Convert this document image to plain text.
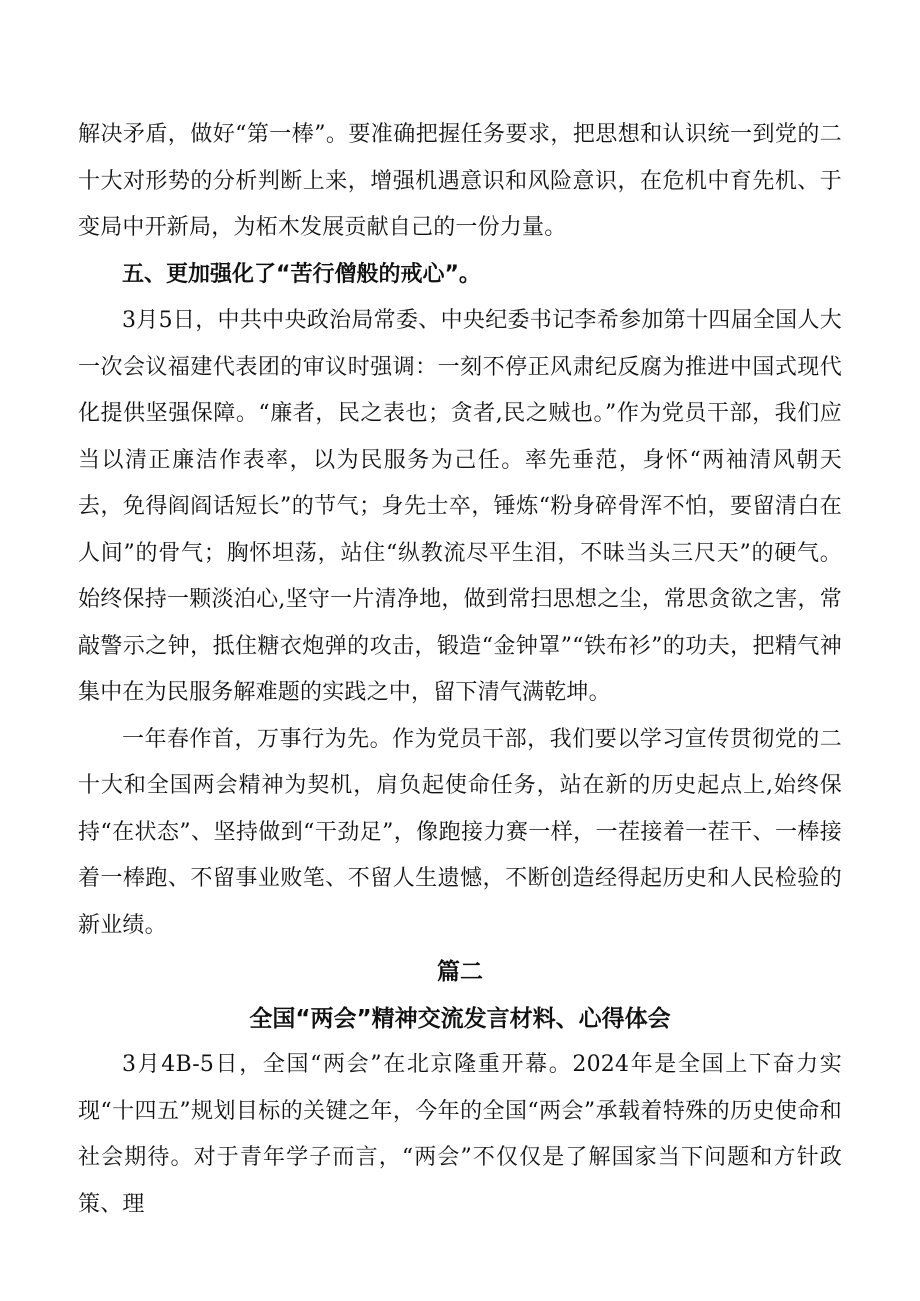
解决矛盾，做好“第一棒”。要准确把握任务要求，把思想和认识统一到党的二十大对形势的分析判断上来，增强机遇意识和风险意识，在危机中育先机、于变局中开新局，为柘木发展贡献自己的一份力量。

五、更加强化了“苦行僧般的戒心”。

3月5日，中共中央政治局常委、中央纪委书记李希参加第十四届全国人大一次会议福建代表团的审议时强调：一刻不停正风肃纪反腐为推进中国式现代化提供坚强保障。“廉者，民之表也；贪者,民之贼也。”作为党员干部，我们应当以清正廉洁作表率，以为民服务为己任。率先垂范，身怀“两袖清风朝天去，免得阎阎话短长”的节气；身先士卒，锤炼“粉身碎骨浑不怕，要留清白在人间”的骨气；胸怀坦荡，站住“纵教流尽平生泪，不昧当头三尺天”的硬气。始终保持一颗淡泊心,坚守一片清净地，做到常扫思想之尘，常思贪欲之害，常敲警示之钟，抵住糖衣炮弹的攻击，锻造“金钟罩”“铁布衫”的功夫，把精气神集中在为民服务解难题的实践之中，留下清气满乾坤。

一年春作首，万事行为先。作为党员干部，我们要以学习宣传贯彻党的二十大和全国两会精神为契机，肩负起使命任务，站在新的历史起点上,始终保持“在状态”、坚持做到“干劲足”，像跑接力赛一样，一茬接着一茬干、一棒接着一棒跑、不留事业败笔、不留人生遗憾，不断创造经得起历史和人民检验的新业绩。

篇二

全国“两会”精神交流发言材料、心得体会

3月4B-5日，全国“两会”在北京隆重开幕。2024年是全国上下奋力实现“十四五”规划目标的关键之年，今年的全国“两会”承载着特殊的历史使命和社会期待。对于青年学子而言，“两会”不仅仅是了解国家当下问题和方针政策、理
